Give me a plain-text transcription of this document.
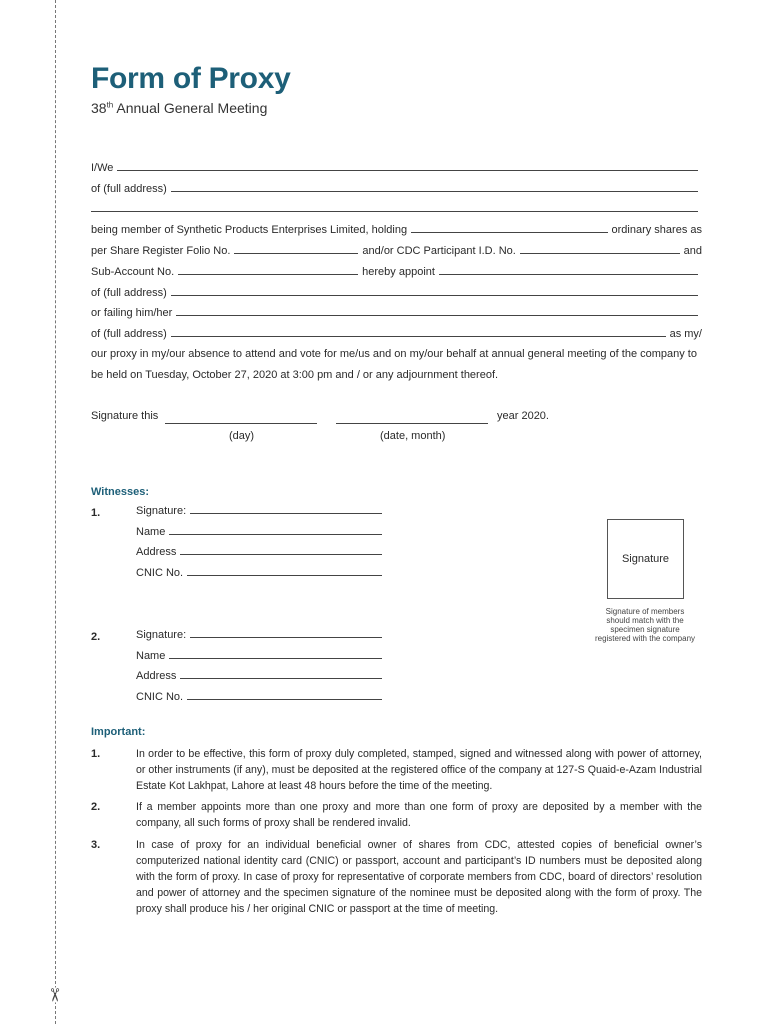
✂
Form of Proxy
38th Annual General Meeting
I/We
of (full address)
being member of Synthetic Products Enterprises Limited, holding	ordinary shares as
per Share Register Folio No.	and/or CDC Participant I.D. No.	and
Sub-Account No.	hereby appoint
of (full address)
or failing him/her
of (full address)	as my/
our proxy in my/our absence to attend and vote for me/us and on my/our behalf at annual general meeting of the company to be held on Tuesday, October 27, 2020 at 3:00 pm and / or any adjournment thereof.
Signature this	year 2020.
(day)	(date, month)
Witnesses:
1.	Signature:
Name
Address
CNIC No.
2.	Signature:
Name
Address
CNIC No.
Signature
Signature of members should match with the specimen signature registered with the company
Important:
1.	In order to be effective, this form of proxy duly completed, stamped, signed and witnessed along with power of attorney, or other instruments (if any), must be deposited at the registered office of the company at 127-S Quaid-e-Azam Industrial Estate Kot Lakhpat, Lahore at least 48 hours before the time of the meeting.
2.	If a member appoints more than one proxy and more than one form of proxy are deposited by a member with the company, all such forms of proxy shall be rendered invalid.
3.	In case of proxy for an individual beneficial owner of shares from CDC, attested copies of beneficial owner’s computerized national identity card (CNIC) or passport, account and participant’s ID numbers must be deposited along with the form of proxy. In case of proxy for representative of corporate members from CDC, board of directors’ resolution and power of attorney and the specimen signature of the nominee must be deposited along with the form of proxy. The proxy shall produce his / her original CNIC or passport at the time of meeting.
